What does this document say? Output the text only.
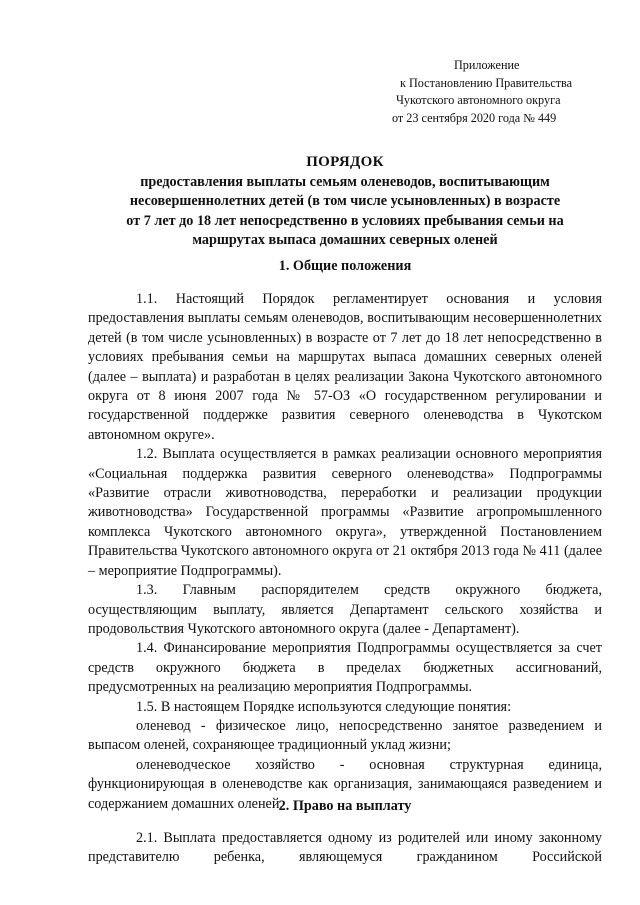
Приложение
к Постановлению Правительства
Чукотского автономного округа
от 23 сентября 2020 года № 449
ПОРЯДОК
предоставления выплаты семьям оленеводов, воспитывающим
несовершеннолетних детей (в том числе усыновленных) в возрасте
от 7 лет до 18 лет непосредственно в условиях пребывания семьи на
маршрутах выпаса домашних северных оленей
1. Общие положения

1.1. Настоящий Порядок регламентирует основания и условия предоставления выплаты семьям оленеводов, воспитывающим несовершеннолетних детей (в том числе усыновленных) в возрасте от 7 лет до 18 лет непосредственно в условиях пребывания семьи на маршрутах выпаса домашних северных оленей (далее – выплата) и разработан в целях реализации Закона Чукотского автономного округа от 8 июня 2007 года № 57-ОЗ «О государственном регулировании и государственной поддержке развития северного оленеводства в Чукотском автономном округе».

1.2. Выплата осуществляется в рамках реализации основного мероприятия «Социальная поддержка развития северного оленеводства» Подпрограммы «Развитие отрасли животноводства, переработки и реализации продукции животноводства» Государственной программы «Развитие агропромышленного комплекса Чукотского автономного округа», утвержденной Постановлением Правительства Чукотского автономного округа от 21 октября 2013 года № 411 (далее – мероприятие Подпрограммы).

1.3. Главным распорядителем средств окружного бюджета, осуществляющим выплату, является Департамент сельского хозяйства и продовольствия Чукотского автономного округа (далее - Департамент).

1.4. Финансирование мероприятия Подпрограммы осуществляется за счет средств окружного бюджета в пределах бюджетных ассигнований, предусмотренных на реализацию мероприятия Подпрограммы.

1.5. В настоящем Порядке используются следующие понятия:

оленевод - физическое лицо, непосредственно занятое разведением и выпасом оленей, сохраняющее традиционный уклад жизни;

оленеводческое хозяйство - основная структурная единица, функционирующая в оленеводстве как организация, занимающаяся разведением и содержанием домашних оленей.

2. Право на выплату

2.1. Выплата предоставляется одному из родителей или иному законному представителю ребенка, являющемуся гражданином Российской
